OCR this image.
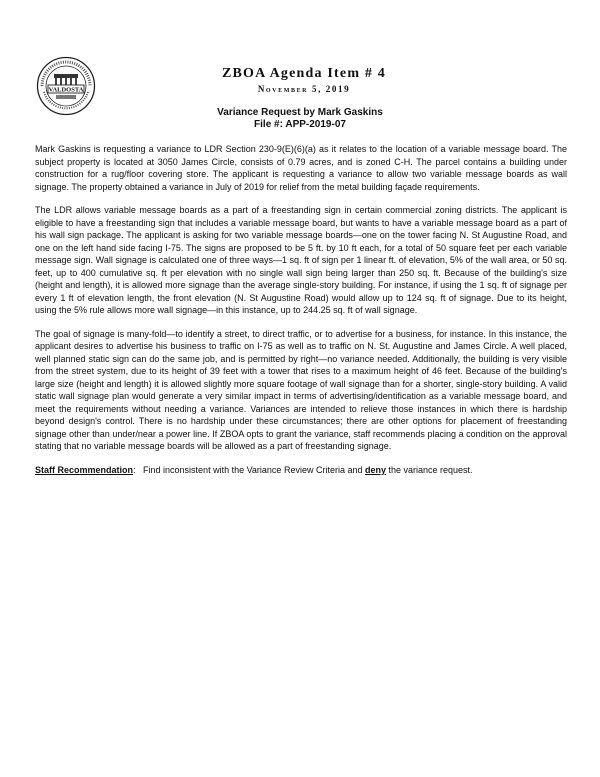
VALDOSTA
ZBOA Agenda Item # 4
November 5, 2019
Variance Request by Mark Gaskins
File #: APP-2019-07

Mark Gaskins is requesting a variance to LDR Section 230-9(E)(6)(a) as it relates to the location of a variable message board. The subject property is located at 3050 James Circle, consists of 0.79 acres, and is zoned C-H. The parcel contains a building under construction for a rug/floor covering store. The applicant is requesting a variance to allow two variable message boards as wall signage. The property obtained a variance in July of 2019 for relief from the metal building façade requirements.

The LDR allows variable message boards as a part of a freestanding sign in certain commercial zoning districts. The applicant is eligible to have a freestanding sign that includes a variable message board, but wants to have a variable message board as a part of his wall sign package. The applicant is asking for two variable message boards—one on the tower facing N. St Augustine Road, and one on the left hand side facing I-75. The signs are proposed to be 5 ft. by 10 ft each, for a total of 50 square feet per each variable message sign. Wall signage is calculated one of three ways—1 sq. ft of sign per 1 linear ft. of elevation, 5% of the wall area, or 50 sq. feet, up to 400 cumulative sq. ft per elevation with no single wall sign being larger than 250 sq. ft. Because of the building's size (height and length), it is allowed more signage than the average single-story building. For instance, if using the 1 sq. ft of signage per every 1 ft of elevation length, the front elevation (N. St Augustine Road) would allow up to 124 sq. ft of signage. Due to its height, using the 5% rule allows more wall signage—in this instance, up to 244.25 sq. ft of wall signage.

The goal of signage is many-fold—to identify a street, to direct traffic, or to advertise for a business, for instance. In this instance, the applicant desires to advertise his business to traffic on I-75 as well as to traffic on N. St. Augustine and James Circle. A well placed, well planned static sign can do the same job, and is permitted by right—no variance needed. Additionally, the building is very visible from the street system, due to its height of 39 feet with a tower that rises to a maximum height of 46 feet. Because of the building's large size (height and length) it is allowed slightly more square footage of wall signage than for a shorter, single-story building. A valid static wall signage plan would generate a very similar impact in terms of advertising/identification as a variable message board, and meet the requirements without needing a variance. Variances are intended to relieve those instances in which there is hardship beyond design's control. There is no hardship under these circumstances; there are other options for placement of freestanding signage other than under/near a power line. If ZBOA opts to grant the variance, staff recommends placing a condition on the approval stating that no variable message boards will be allowed as a part of freestanding signage.

Staff Recommendation:   Find inconsistent with the Variance Review Criteria and deny the variance request.
